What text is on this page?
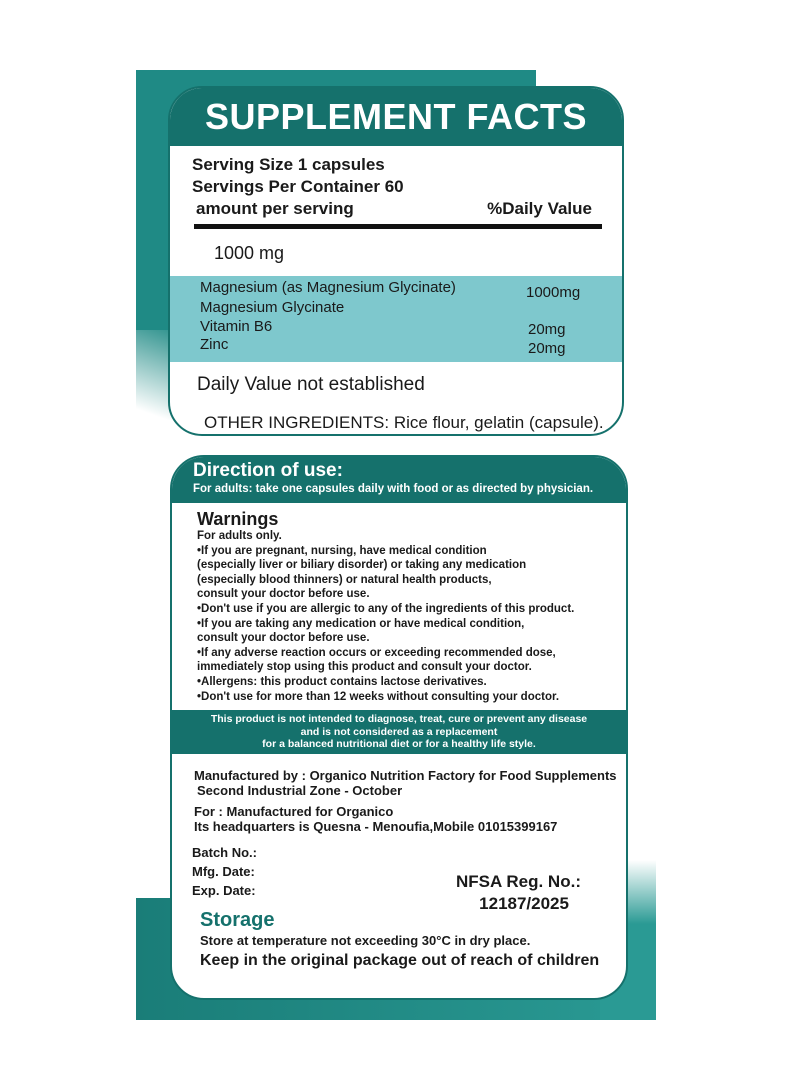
SUPPLEMENT FACTS
Serving Size 1 capsules
Servings Per Container 60
amount per serving	%Daily Value
1000 mg
Magnesium (as Magnesium Glycinate)	1000mg
Magnesium Glycinate
Vitamin B6	20mg
Zinc	20mg
Daily Value not established
OTHER INGREDIENTS: Rice flour, gelatin (capsule).
Direction of use:
For adults: take one capsules daily with food or as directed by physician.
Warnings
For adults only.
•If you are pregnant, nursing, have medical condition
(especially liver or biliary disorder) or taking any medication
(especially blood thinners) or natural health products,
consult your doctor before use.
•Don't use if you are allergic to any of the ingredients of this product.
•If you are taking any medication or have medical condition,
consult your doctor before use.
•If any adverse reaction occurs or exceeding recommended dose,
immediately stop using this product and consult your doctor.
•Allergens: this product contains lactose derivatives.
•Don't use for more than 12 weeks without consulting your doctor.
This product is not intended to diagnose, treat, cure or prevent any disease
and is not considered as a replacement
for a balanced nutritional diet or for a healthy life style.
Manufactured by : Organico Nutrition Factory for Food Supplements
Second Industrial Zone - October
For : Manufactured for Organico
Its headquarters is Quesna - Menoufia,Mobile 01015399167
Batch No.:
Mfg. Date:
Exp. Date:	NFSA Reg. No.:
12187/2025
Storage
Store at temperature not exceeding 30°C in dry place.
Keep in the original package out of reach of children
